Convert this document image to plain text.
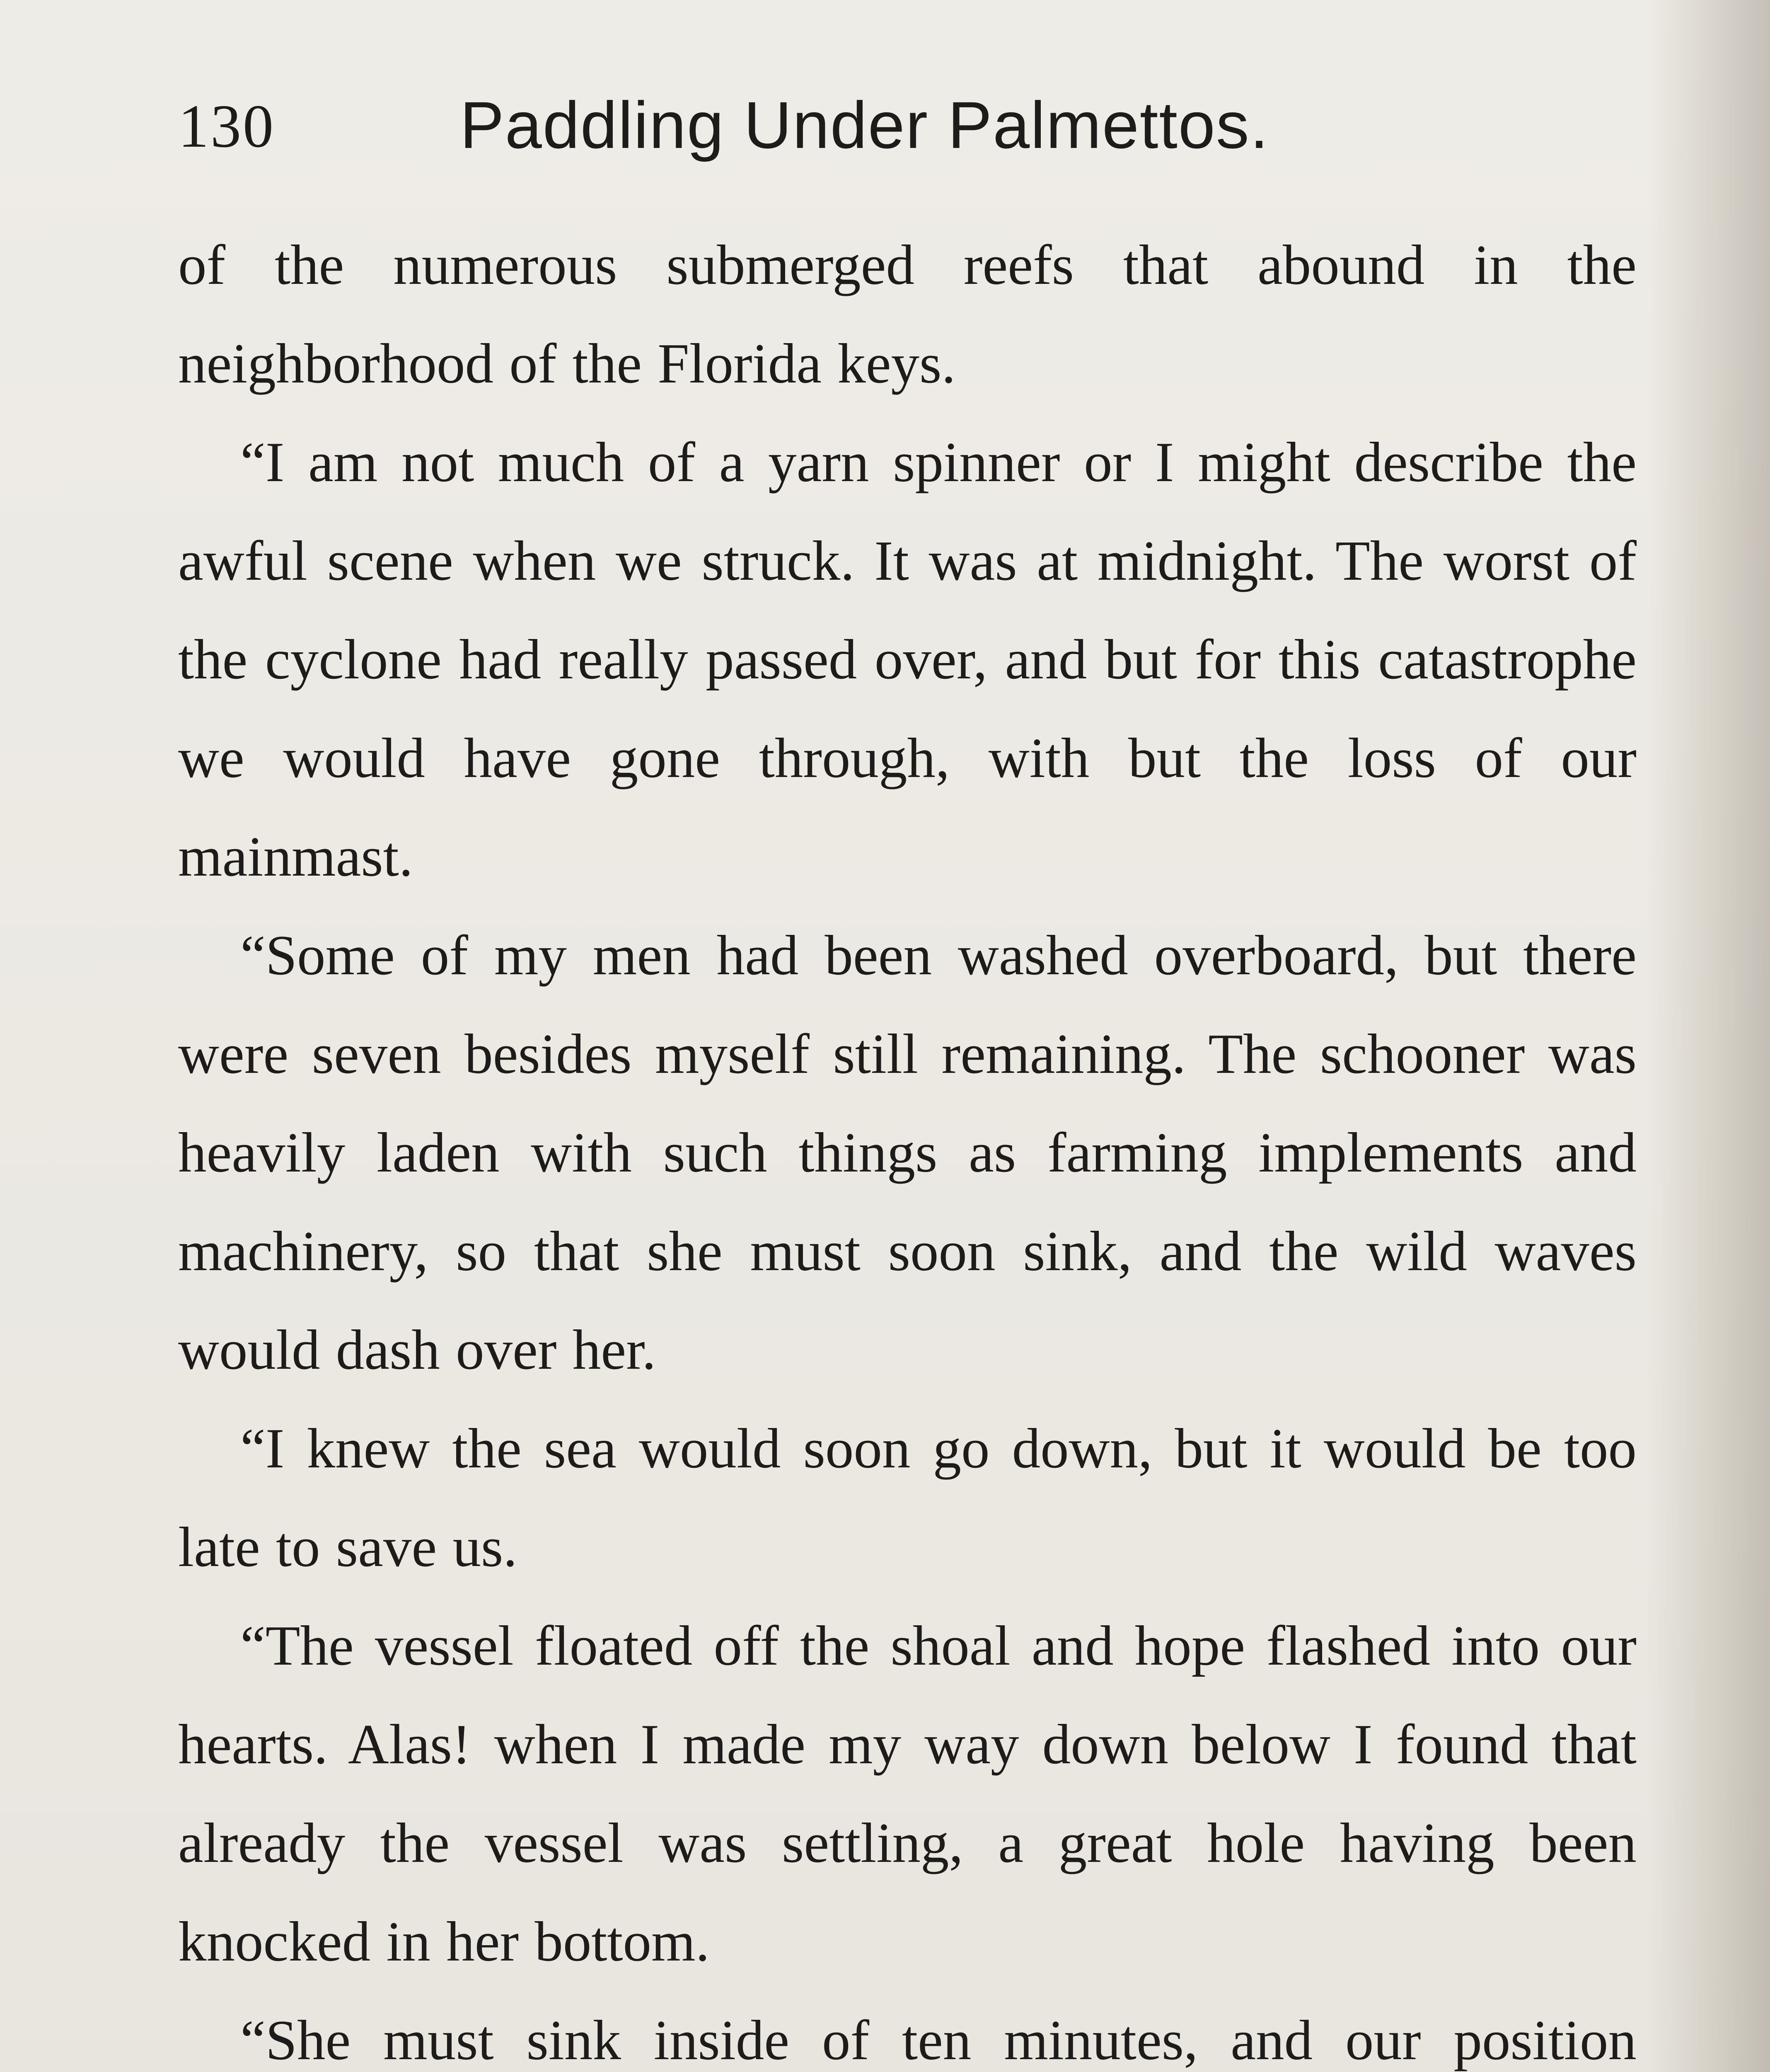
130	Paddling Under Palmettos.

of the numerous submerged reefs that abound in the neighborhood of the Florida keys.

“I am not much of a yarn spinner or I might describe the awful scene when we struck. It was at midnight. The worst of the cyclone had really passed over, and but for this catastrophe we would have gone through, with but the loss of our mainmast.

“Some of my men had been washed overboard, but there were seven besides myself still remaining. The schooner was heavily laden with such things as farming implements and machinery, so that she must soon sink, and the wild waves would dash over her.

“I knew the sea would soon go down, but it would be too late to save us.

“The vessel floated off the shoal and hope flashed into our hearts. Alas! when I made my way down below I found that already the vessel was settling, a great hole having been knocked in her bottom.

“She must sink inside of ten minutes, and our position
